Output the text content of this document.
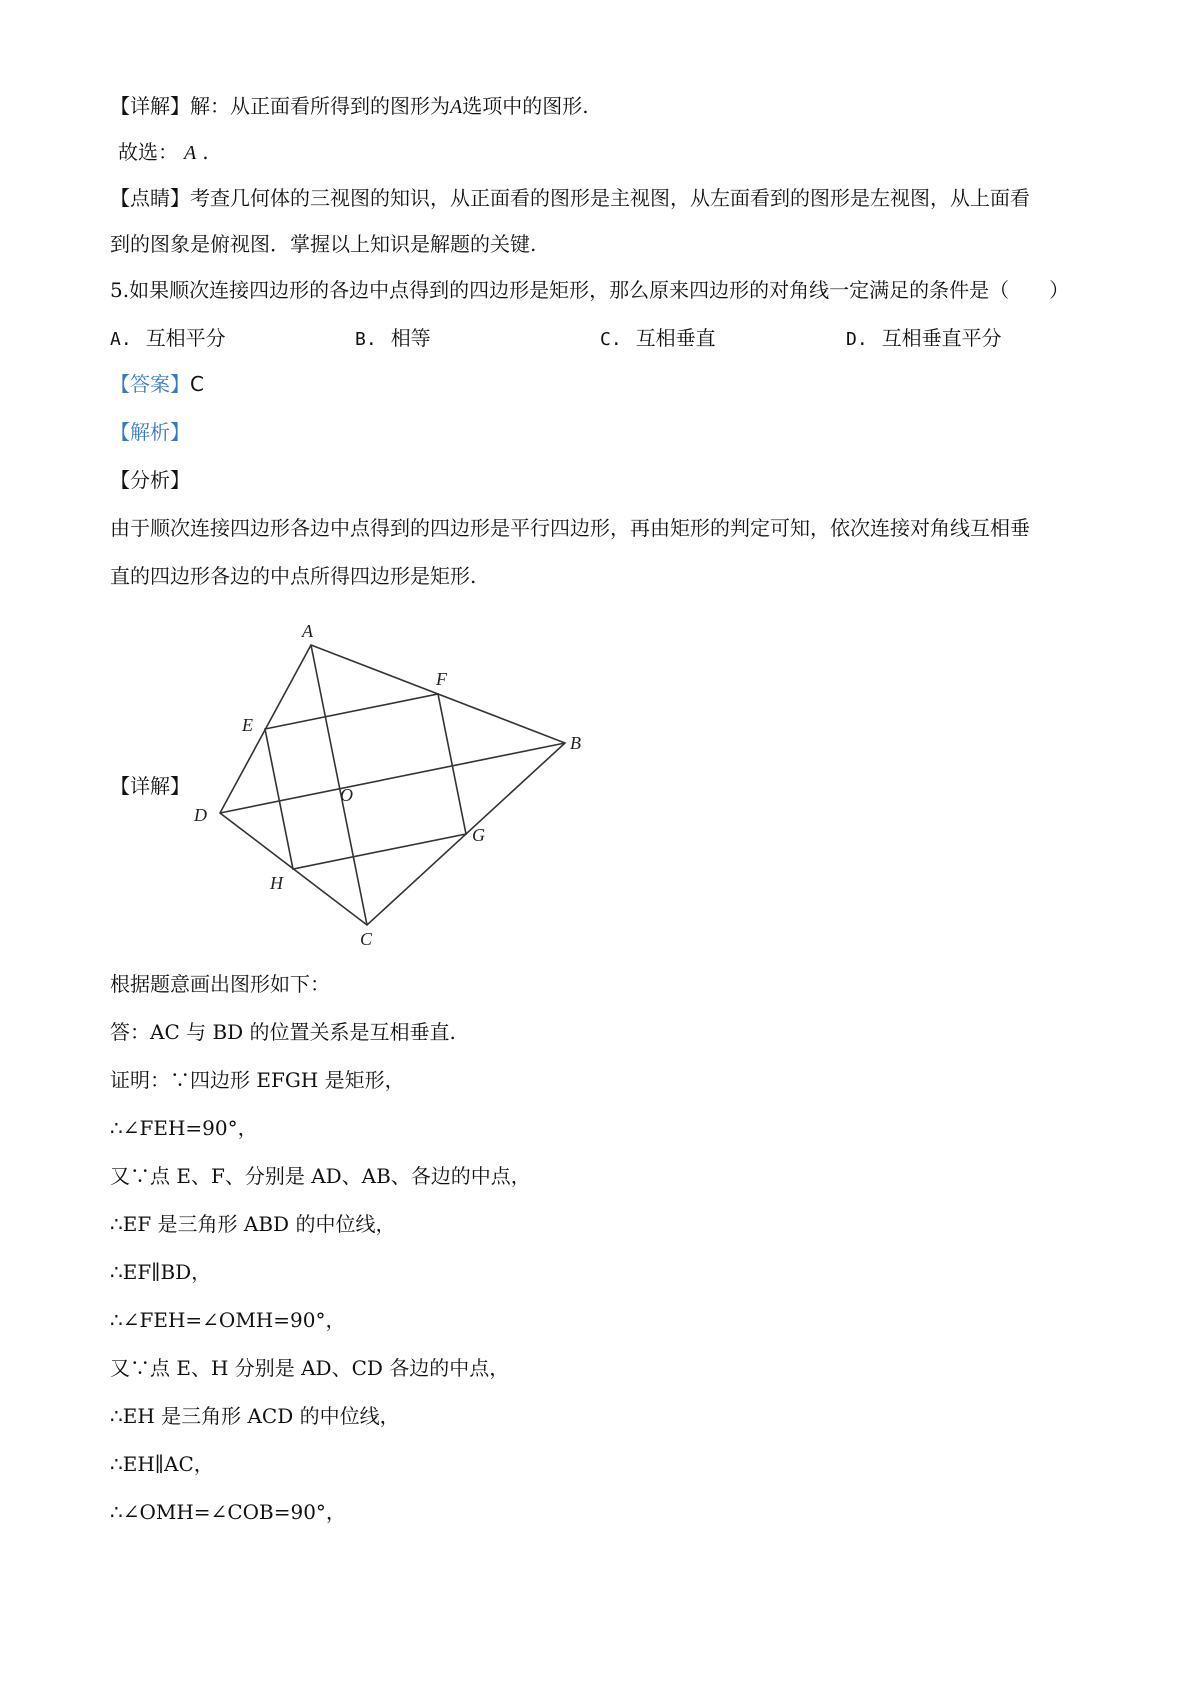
【详解】解：从正面看所得到的图形为A选项中的图形.
故选： A .
【点睛】考查几何体的三视图的知识，从正面看的图形是主视图，从左面看到的图形是左视图，从上面看
到的图象是俯视图．掌握以上知识是解题的关键.
5.如果顺次连接四边形的各边中点得到的四边形是矩形，那么原来四边形的对角线一定满足的条件是（　　）
A. 互相平分	B. 相等	C. 互相垂直	D. 互相垂直平分
【答案】C
【解析】
【分析】
由于顺次连接四边形各边中点得到的四边形是平行四边形，再由矩形的判定可知，依次连接对角线互相垂
直的四边形各边的中点所得四边形是矩形.
【详解】
A
B
C
D
E
F
G
H
O
根据题意画出图形如下：
答：AC 与 BD 的位置关系是互相垂直.
证明：∵四边形 EFGH 是矩形，
∴∠FEH=90°，
又∵点 E、F、分别是 AD、AB、各边的中点，
∴EF 是三角形 ABD 的中位线，
∴EF∥BD，
∴∠FEH=∠OMH=90°，
又∵点 E、H 分别是 AD、CD 各边的中点，
∴EH 是三角形 ACD 的中位线，
∴EH∥AC，
∴∠OMH=∠COB=90°，
